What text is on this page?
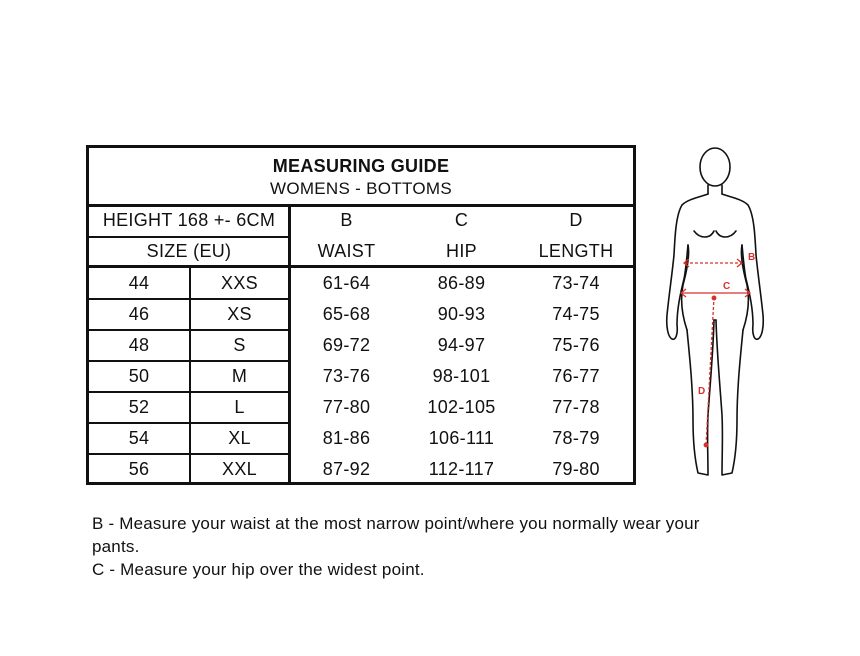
MEASURING GUIDE
WOMENS - BOTTOMS
HEIGHT 168 +- 6CM	B	C	D
SIZE (EU)	WAIST	HIP	LENGTH
44	XXS	61-64	86-89	73-74
46	XS	65-68	90-93	74-75
48	S	69-72	94-97	75-76
50	M	73-76	98-101	76-77
52	L	77-80	102-105	77-78
54	XL	81-86	106-111	78-79
56	XXL	87-92	112-117	79-80
B
C
D

B - Measure your waist at the most narrow point/where you normally wear your pants.

C - Measure your hip over the widest point.
